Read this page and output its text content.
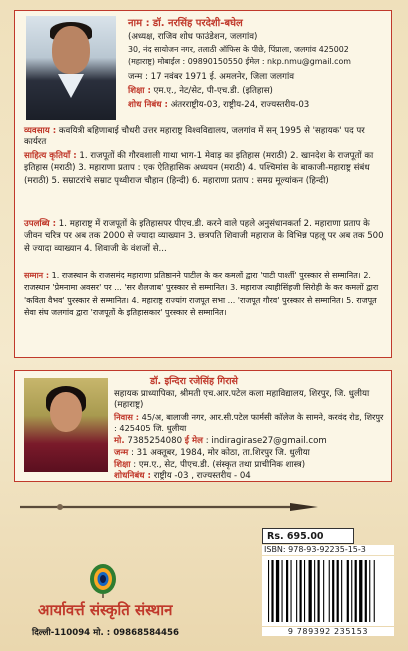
नाम : डॉ. नरसिंह परदेशी-बघेल
(अध्यक्ष, राजिव शोध फाउंडेशन, जलगांव)
30, नंद सायोजन नगर, तलाठी ऑफिस के पीछे, पिंप्राला, जलगांव 425002
(महाराष्ट्र) मोबाईल : 09890150550 ईमेल : nkp.nmu@gmail.com
जन्म : 17 नवंबर 1971 ई. अमलनेर, जिला जलगांव
शिक्षा : एम.ए., नेट/सेट, पी-एच.डी. (इतिहास)
शोध निबंध : अंतरराष्ट्रीय-03, राष्ट्रीय-24, राज्यस्तरीय-03
व्यवसाय : कवयित्री बहिणाबाई चौधरी उत्तर महाराष्ट्र विश्वविद्यालय, जलगांव में सन् 1995 से 'सहायक' पद पर कार्यरत
साहित्य कृतियाँ : 1. राजपूतों की गौरवशाली गाथा भाग-1 मेवाड़ का इतिहास (मराठी) 2. खानदेश के राजपूतों का इतिहास (मराठी) 3. महाराणा प्रताप : एक ऐतिहासिक अध्ययन (मराठी) 4. पश्चिमांस के बाकाजी-महाराष्ट्र संबंध (मराठी) 5. सम्राटरांचे सम्राट पृथ्वीराज चौहान (हिन्दी) 6. महाराणा प्रताप : समग्र मूल्यांकन (हिन्दी)
उपलब्धि : 1. महाराष्ट्र में राजपूतों के इतिहासपर पीएच.डी. करने वाले पहले अनुसंधानकर्ता 2. महाराणा प्रताप के जीवन चरित्र पर अब तक 2000 से ज्यादा व्याख्यान 3. छत्रपति शिवाजी महाराज के विभिन्न पहलू पर अब तक 500 से ज्यादा व्याख्यान 4. शिवाजी के वंशजों से...
सम्मान : 1. राजस्थान के राजसमंद महाराणा प्रतिष्ठानने पाटील के कर कमलों द्वारा 'पाटी पार्श्ती' पुरस्कार से सम्मानित। 2. राजस्थान 'प्रेमनामा अवसर' पर ... 'सर शैलजाब' पुरस्कार से सम्मानित। 3. महाराज त्याहीसिंहजी सिरोही के कर कमलों द्वारा 'कविता वैभव' पुरस्कार से सम्मानित। 4. महाराष्ट्र राज्यांग राजपूत सभा ... 'राजपूत गौरव' पुरस्कार से सम्मानित। 5. राजपूत सेवा संघ जलगांव द्वारा 'राजपूतों के इतिहासकार' पुरस्कार से सम्मानित।
डॉ. इन्दिरा रजेसिंह गिरासे
सहायक प्राध्यापिका, श्रीमती एच.आर.पटेल कला महाविद्यालय, शिरपुर, जि. धुलीया (महाराष्ट्र)
निवास : 45/अ, बालाजी नगर, आर.सी.पटेल फार्मसी कॉलेज के सामने, करवंद रोड, शिरपुर : 425405 जि. धुलीया
मो. 7385254080 ई मेल : indiragirase27@gmail.com
जन्म : 31 अक्तूबर, 1984, मोर कोठा, ता.शिरपुर जि. धुलीया
शिक्षा : एम.ए., सेट, पीएच.डी. (संस्कृत तथा प्राचीनिक शास्त्र)
शोधनिबंध : राष्ट्रीय -03 , राज्यस्तरीय - 04
आर्यावर्त्त संस्कृति संस्थान
दिल्ली-110094 मो. : 09868584456
Rs. 695.00
ISBN: 978-93-92235-15-3
9 789392 235153
